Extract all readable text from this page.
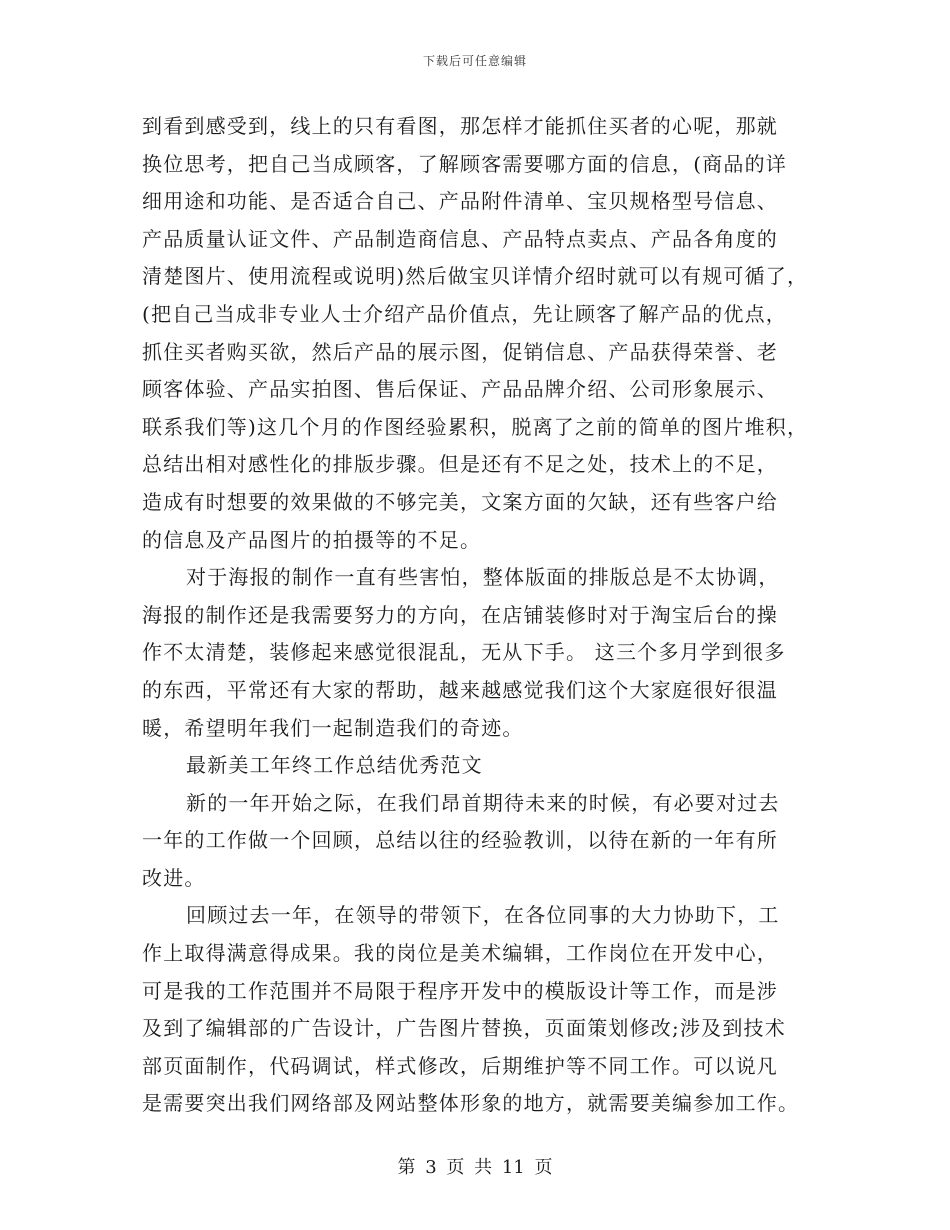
下载后可任意编辑
到看到感受到，线上的只有看图，那怎样才能抓住买者的心呢，那就
换位思考，把自己当成顾客，了解顾客需要哪方面的信息，(商品的详
细用途和功能、是否适合自己、产品附件清单、宝贝规格型号信息、
产品质量认证文件、产品制造商信息、产品特点卖点、产品各角度的
清楚图片、使用流程或说明)然后做宝贝详情介绍时就可以有规可循了，
(把自己当成非专业人士介绍产品价值点，先让顾客了解产品的优点，
抓住买者购买欲，然后产品的展示图，促销信息、产品获得荣誉、老
顾客体验、产品实拍图、售后保证、产品品牌介绍、公司形象展示、
联系我们等)这几个月的作图经验累积，脱离了之前的简单的图片堆积，
总结出相对感性化的排版步骤。但是还有不足之处，技术上的不足，
造成有时想要的效果做的不够完美，文案方面的欠缺，还有些客户给
的信息及产品图片的拍摄等的不足。
对于海报的制作一直有些害怕，整体版面的排版总是不太协调，
海报的制作还是我需要努力的方向，在店铺装修时对于淘宝后台的操
作不太清楚，装修起来感觉很混乱，无从下手。 这三个多月学到很多
的东西，平常还有大家的帮助，越来越感觉我们这个大家庭很好很温
暖，希望明年我们一起制造我们的奇迹。
最新美工年终工作总结优秀范文
新的一年开始之际，在我们昂首期待未来的时候，有必要对过去
一年的工作做一个回顾，总结以往的经验教训，以待在新的一年有所
改进。
回顾过去一年，在领导的带领下，在各位同事的大力协助下，工
作上取得满意得成果。我的岗位是美术编辑，工作岗位在开发中心，
可是我的工作范围并不局限于程序开发中的模版设计等工作，而是涉
及到了编辑部的广告设计，广告图片替换，页面策划修改;涉及到技术
部页面制作，代码调试，样式修改，后期维护等不同工作。可以说凡
是需要突出我们网络部及网站整体形象的地方，就需要美编参加工作。
第 3 页 共 11 页
